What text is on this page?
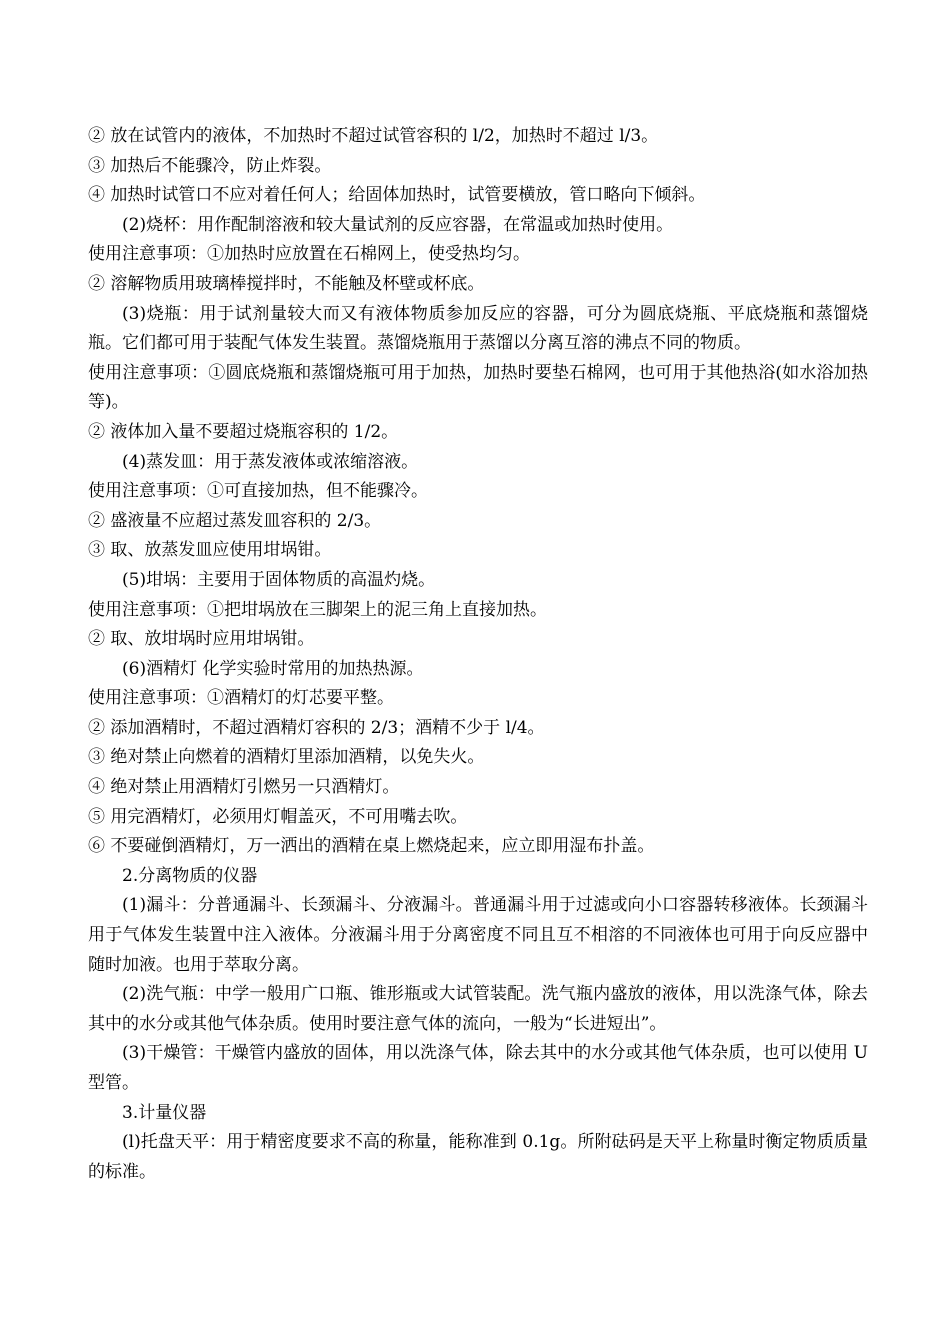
② 放在试管内的液体，不加热时不超过试管容积的 l/2，加热时不超过 l/3。

③ 加热后不能骤冷，防止炸裂。

④ 加热时试管口不应对着任何人；给固体加热时，试管要横放，管口略向下倾斜。

(2)烧杯：用作配制溶液和较大量试剂的反应容器，在常温或加热时使用。

使用注意事项：①加热时应放置在石棉网上，使受热均匀。

② 溶解物质用玻璃棒搅拌时，不能触及杯壁或杯底。

(3)烧瓶：用于试剂量较大而又有液体物质参加反应的容器，可分为圆底烧瓶、平底烧瓶和蒸馏烧瓶。它们都可用于装配气体发生装置。蒸馏烧瓶用于蒸馏以分离互溶的沸点不同的物质。

使用注意事项：①圆底烧瓶和蒸馏烧瓶可用于加热，加热时要垫石棉网，也可用于其他热浴(如水浴加热等)。

② 液体加入量不要超过烧瓶容积的 1/2。

(4)蒸发皿：用于蒸发液体或浓缩溶液。

使用注意事项：①可直接加热，但不能骤冷。

② 盛液量不应超过蒸发皿容积的 2/3。

③ 取、放蒸发皿应使用坩埚钳。

(5)坩埚：主要用于固体物质的高温灼烧。

使用注意事项：①把坩埚放在三脚架上的泥三角上直接加热。

② 取、放坩埚时应用坩埚钳。

(6)酒精灯 化学实验时常用的加热热源。

使用注意事项：①酒精灯的灯芯要平整。

② 添加酒精时，不超过酒精灯容积的 2/3；酒精不少于 l/4。

③ 绝对禁止向燃着的酒精灯里添加酒精，以免失火。

④ 绝对禁止用酒精灯引燃另一只酒精灯。

⑤ 用完酒精灯，必须用灯帽盖灭，不可用嘴去吹。

⑥ 不要碰倒酒精灯，万一洒出的酒精在桌上燃烧起来，应立即用湿布扑盖。

2.分离物质的仪器

(1)漏斗：分普通漏斗、长颈漏斗、分液漏斗。普通漏斗用于过滤或向小口容器转移液体。长颈漏斗用于气体发生装置中注入液体。分液漏斗用于分离密度不同且互不相溶的不同液体也可用于向反应器中随时加液。也用于萃取分离。

(2)洗气瓶：中学一般用广口瓶、锥形瓶或大试管装配。洗气瓶内盛放的液体，用以洗涤气体，除去其中的水分或其他气体杂质。使用时要注意气体的流向，一般为“长进短出”。

(3)干燥管：干燥管内盛放的固体，用以洗涤气体，除去其中的水分或其他气体杂质，也可以使用 U 型管。

3.计量仪器

(l)托盘天平：用于精密度要求不高的称量，能称准到 0.1g。所附砝码是天平上称量时衡定物质质量的标准。
